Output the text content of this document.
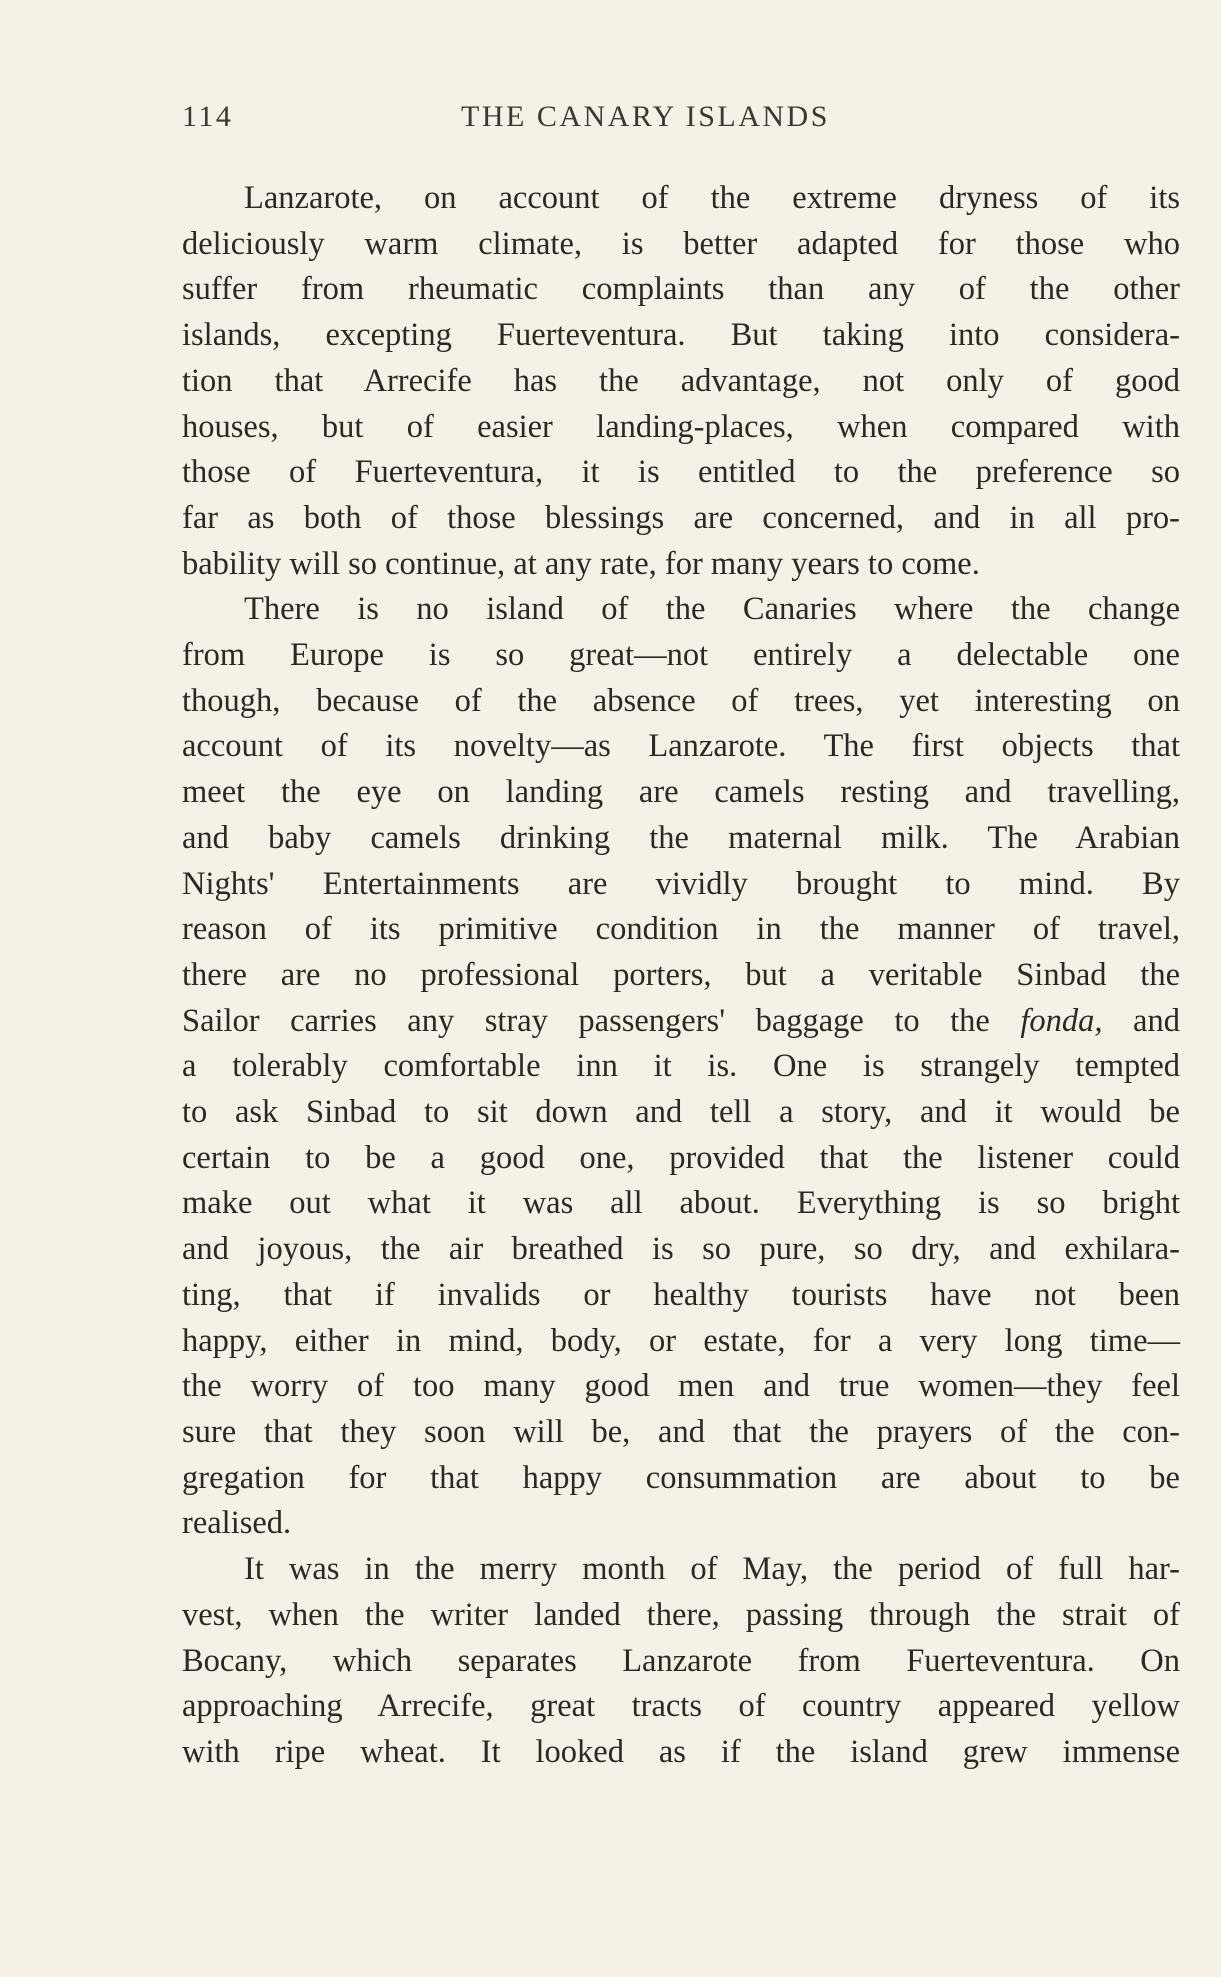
114	THE CANARY ISLANDS
Lanzarote, on account of the extreme dryness of its
deliciously warm climate, is better adapted for those who
suffer from rheumatic complaints than any of the other
islands, excepting Fuerteventura. But taking into considera-
tion that Arrecife has the advantage, not only of good
houses, but of easier landing-places, when compared with
those of Fuerteventura, it is entitled to the preference so
far as both of those blessings are concerned, and in all pro-
bability will so continue, at any rate, for many years to come.
There is no island of the Canaries where the change
from Europe is so great—not entirely a delectable one
though, because of the absence of trees, yet interesting on
account of its novelty—as Lanzarote. The first objects that
meet the eye on landing are camels resting and travelling,
and baby camels drinking the maternal milk. The Arabian
Nights' Entertainments are vividly brought to mind. By
reason of its primitive condition in the manner of travel,
there are no professional porters, but a veritable Sinbad the
Sailor carries any stray passengers' baggage to the fonda, and
a tolerably comfortable inn it is. One is strangely tempted
to ask Sinbad to sit down and tell a story, and it would be
certain to be a good one, provided that the listener could
make out what it was all about. Everything is so bright
and joyous, the air breathed is so pure, so dry, and exhilara-
ting, that if invalids or healthy tourists have not been
happy, either in mind, body, or estate, for a very long time—
the worry of too many good men and true women—they feel
sure that they soon will be, and that the prayers of the con-
gregation for that happy consummation are about to be
realised.
It was in the merry month of May, the period of full har-
vest, when the writer landed there, passing through the strait of
Bocany, which separates Lanzarote from Fuerteventura. On
approaching Arrecife, great tracts of country appeared yellow
with ripe wheat. It looked as if the island grew immense
